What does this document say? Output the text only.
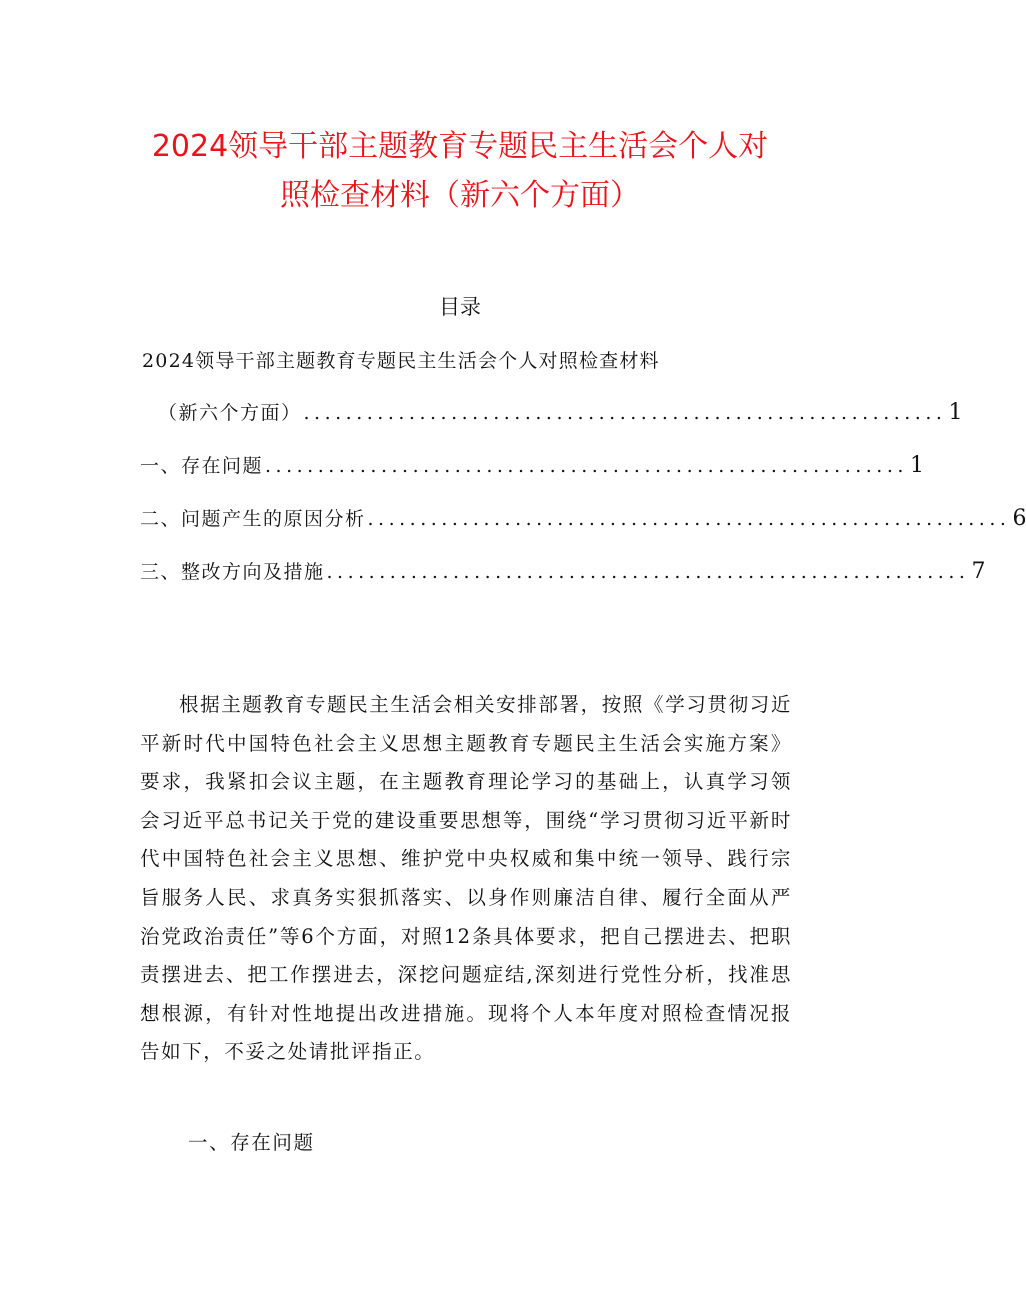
2024领导干部主题教育专题民主生活会个人对
照检查材料（新六个方面）
目录
2024领导干部主题教育专题民主生活会个人对照检查材料
（新六个方面） ............................................................. 1
一、存在问题 ............................................................. 1
二、问题产生的原因分析 ............................................................. 6
三、整改方向及措施 ............................................................. 7

根据主题教育专题民主生活会相关安排部署，按照《学习贯彻习近平新时代中国特色社会主义思想主题教育专题民主生活会实施方案》要求，我紧扣会议主题，在主题教育理论学习的基础上，认真学习领会习近平总书记关于党的建设重要思想等，围绕“学习贯彻习近平新时代中国特色社会主义思想、维护党中央权威和集中统一领导、践行宗旨服务人民、求真务实狠抓落实、以身作则廉洁自律、履行全面从严治党政治责任”等6个方面，对照12条具体要求，把自己摆进去、把职责摆进去、把工作摆进去，深挖问题症结,深刻进行党性分析，找准思想根源，有针对性地提出改进措施。现将个人本年度对照检查情况报告如下，不妥之处请批评指正。

一、存在问题
